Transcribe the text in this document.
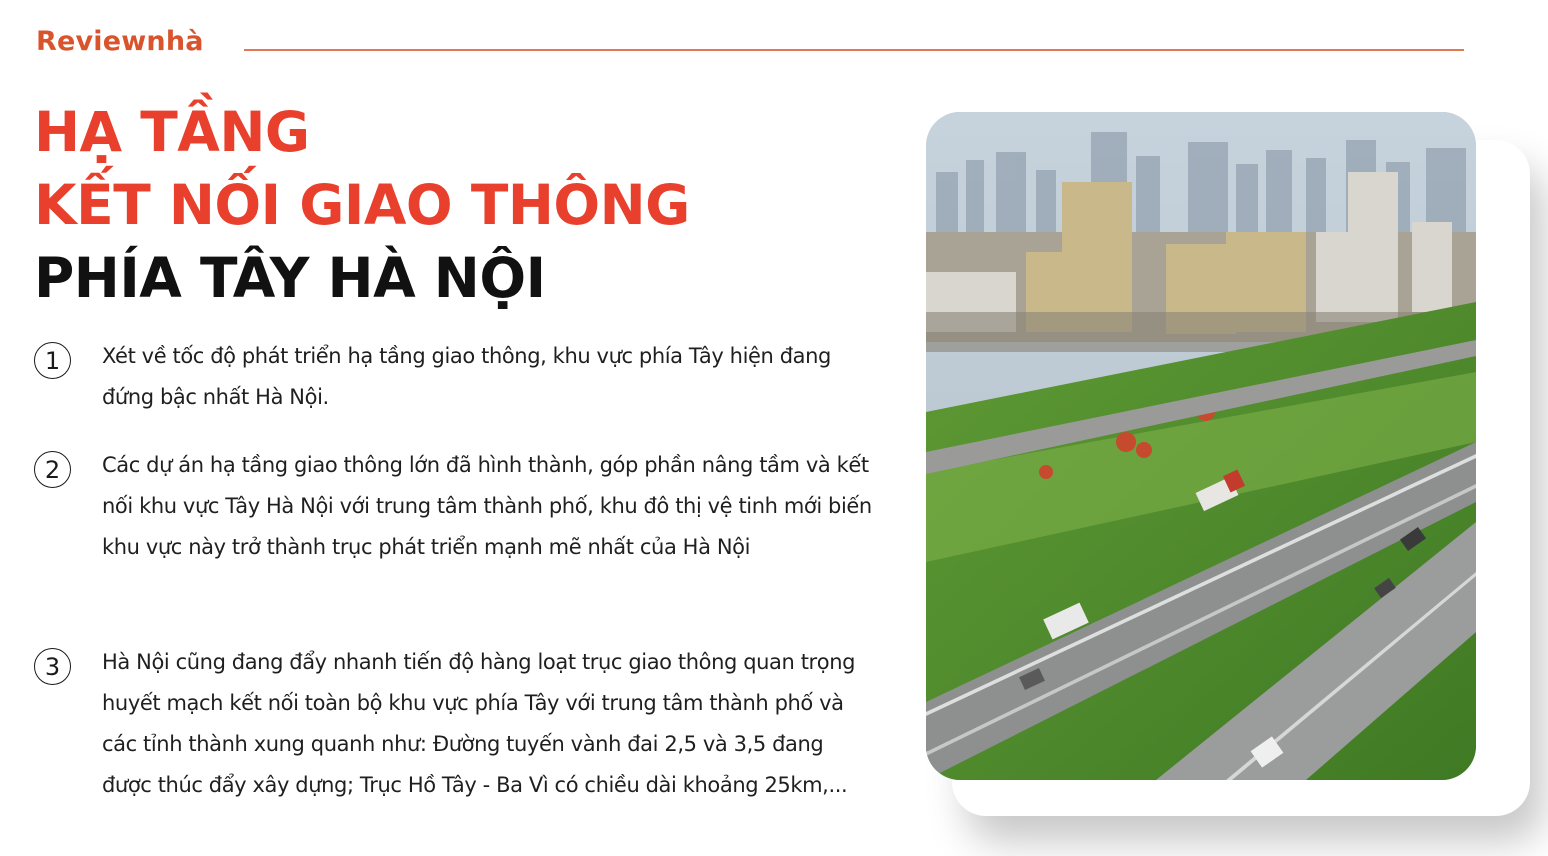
Reviewnhà
HẠ TẦNG
KẾT NỐI GIAO THÔNG
PHÍA TÂY HÀ NỘI
1	Xét về tốc độ phát triển hạ tầng giao thông, khu vực phía Tây hiện đang đứng bậc nhất Hà Nội.

2	Các dự án hạ tầng giao thông lớn đã hình thành, góp phần nâng tầm và kết nối khu vực Tây Hà Nội với trung tâm thành phố, khu đô thị vệ tinh mới biến khu vực này trở thành trục phát triển mạnh mẽ nhất của Hà Nội

3	Hà Nội cũng đang đẩy nhanh tiến độ hàng loạt trục giao thông quan trọng huyết mạch kết nối toàn bộ khu vực phía Tây với trung tâm thành phố và các tỉnh thành xung quanh như: Đường tuyến vành đai 2,5 và 3,5 đang được thúc đẩy xây dựng; Trục Hồ Tây - Ba Vì có chiều dài khoảng 25km,...
